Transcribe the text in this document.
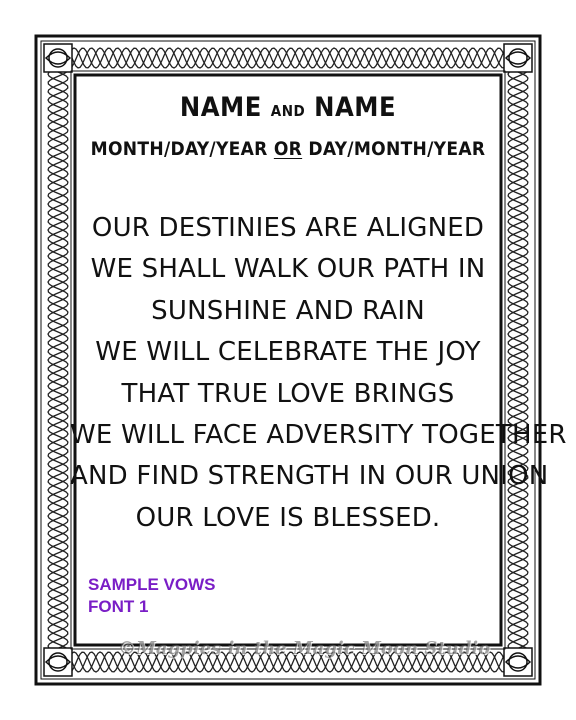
NAME AND NAME
MONTH/DAY/YEAR OR DAY/MONTH/YEAR
OUR DESTINIES ARE ALIGNED
WE SHALL WALK OUR PATH IN
SUNSHINE AND RAIN
WE WILL CELEBRATE THE JOY
THAT TRUE LOVE BRINGS
WE WILL FACE ADVERSITY TOGETHER
AND FIND STRENGTH IN OUR UNION
OUR LOVE IS BLESSED.
SAMPLE VOWS
FONT 1
©Magpies in the Magic Moon Studio
